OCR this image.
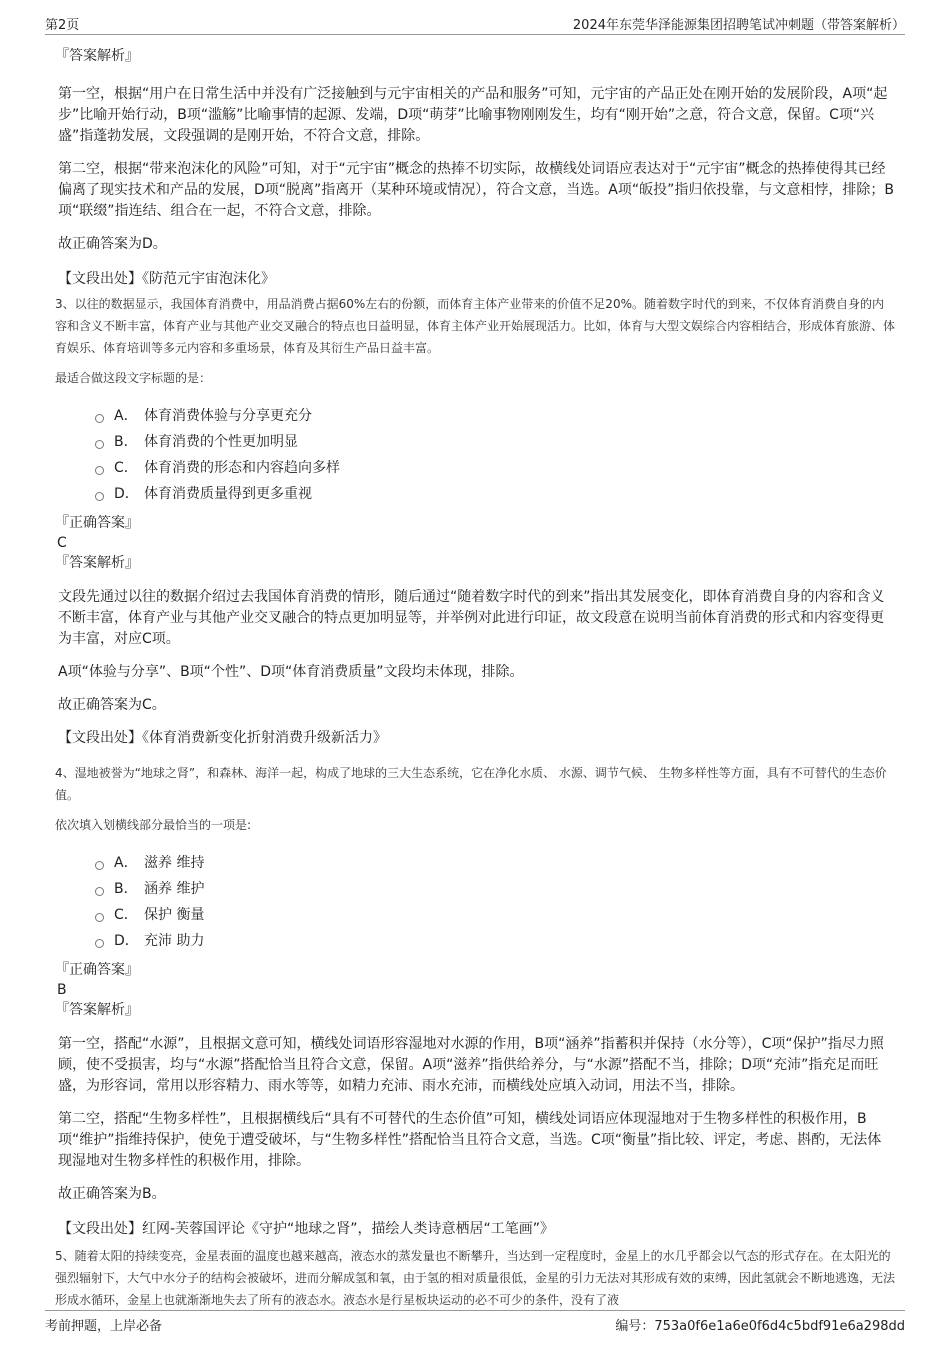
第2页	2024年东莞华泽能源集团招聘笔试冲刺题（带答案解析）

『答案解析』

第一空，根据“用户在日常生活中并没有广泛接触到与元宇宙相关的产品和服务”可知，元宇宙的产品正处在刚开始的发展阶段，A项“起步”比喻开始行动，B项“滥觞”比喻事情的起源、发端，D项“萌芽”比喻事物刚刚发生，均有“刚开始”之意，符合文意，保留。C项“兴盛”指蓬勃发展，文段强调的是刚开始，不符合文意，排除。

第二空，根据“带来泡沫化的风险”可知，对于“元宇宙”概念的热捧不切实际，故横线处词语应表达对于“元宇宙”概念的热捧使得其已经偏离了现实技术和产品的发展，D项“脱离”指离开（某种环境或情况），符合文意，当选。A项“皈投”指归依投靠，与文意相悖，排除；B项“联缀”指连结、组合在一起，不符合文意，排除。

故正确答案为D。

【文段出处】《防范元宇宙泡沫化》

3、以往的数据显示，我国体育消费中，用品消费占据60%左右的份额，而体育主体产业带来的价值不足20%。随着数字时代的到来，不仅体育消费自身的内容和含义不断丰富，体育产业与其他产业交叉融合的特点也日益明显，体育主体产业开始展现活力。比如，体育与大型文娱综合内容相结合，形成体育旅游、体育娱乐、体育培训等多元内容和多重场景，体育及其衍生产品日益丰富。

最适合做这段文字标题的是：

A． 体育消费体验与分享更充分
B． 体育消费的个性更加明显
C． 体育消费的形态和内容趋向多样
D． 体育消费质量得到更多重视

『正确答案』

C

『答案解析』

文段先通过以往的数据介绍过去我国体育消费的情形，随后通过“随着数字时代的到来”指出其发展变化，即体育消费自身的内容和含义不断丰富，体育产业与其他产业交叉融合的特点更加明显等，并举例对此进行印证，故文段意在说明当前体育消费的形式和内容变得更为丰富，对应C项。

A项“体验与分享”、B项“个性”、D项“体育消费质量”文段均未体现，排除。

故正确答案为C。

【文段出处】《体育消费新变化折射消费升级新活力》

4、湿地被誉为“地球之肾”，和森林、海洋一起，构成了地球的三大生态系统，它在净化水质、 水源、调节气候、 生物多样性等方面，具有不可替代的生态价值。

依次填入划横线部分最恰当的一项是:

A． 滋养 维持
B． 涵养 维护
C． 保护 衡量
D． 充沛 助力

『正确答案』

B

『答案解析』

第一空，搭配“水源”，且根据文意可知，横线处词语形容湿地对水源的作用，B项“涵养”指蓄积并保持（水分等），C项“保护”指尽力照顾，使不受损害，均与“水源”搭配恰当且符合文意，保留。A项“滋养”指供给养分，与“水源”搭配不当，排除；D项“充沛”指充足而旺盛，为形容词，常用以形容精力、雨水等等，如精力充沛、雨水充沛，而横线处应填入动词，用法不当，排除。

第二空，搭配“生物多样性”，且根据横线后“具有不可替代的生态价值”可知，横线处词语应体现湿地对于生物多样性的积极作用，B项“维护”指维持保护，使免于遭受破坏，与“生物多样性”搭配恰当且符合文意，当选。C项“衡量”指比较、评定，考虑、斟酌，无法体现湿地对生物多样性的积极作用，排除。

故正确答案为B。

【文段出处】红网-芙蓉国评论《守护“地球之肾”，描绘人类诗意栖居“工笔画”》

5、随着太阳的持续变亮，金星表面的温度也越来越高，液态水的蒸发量也不断攀升，当达到一定程度时，金星上的水几乎都会以气态的形式存在。在太阳光的强烈辐射下，大气中水分子的结构会被破坏，进而分解成氢和氧，由于氢的相对质量很低，金星的引力无法对其形成有效的束缚，因此氢就会不断地逃逸，无法形成水循环，金星上也就渐渐地失去了所有的液态水。液态水是行星板块运动的必不可少的条件，没有了液

考前押题，上岸必备	编号：753a0f6e1a6e0f6d4c5bdf91e6a298dd
